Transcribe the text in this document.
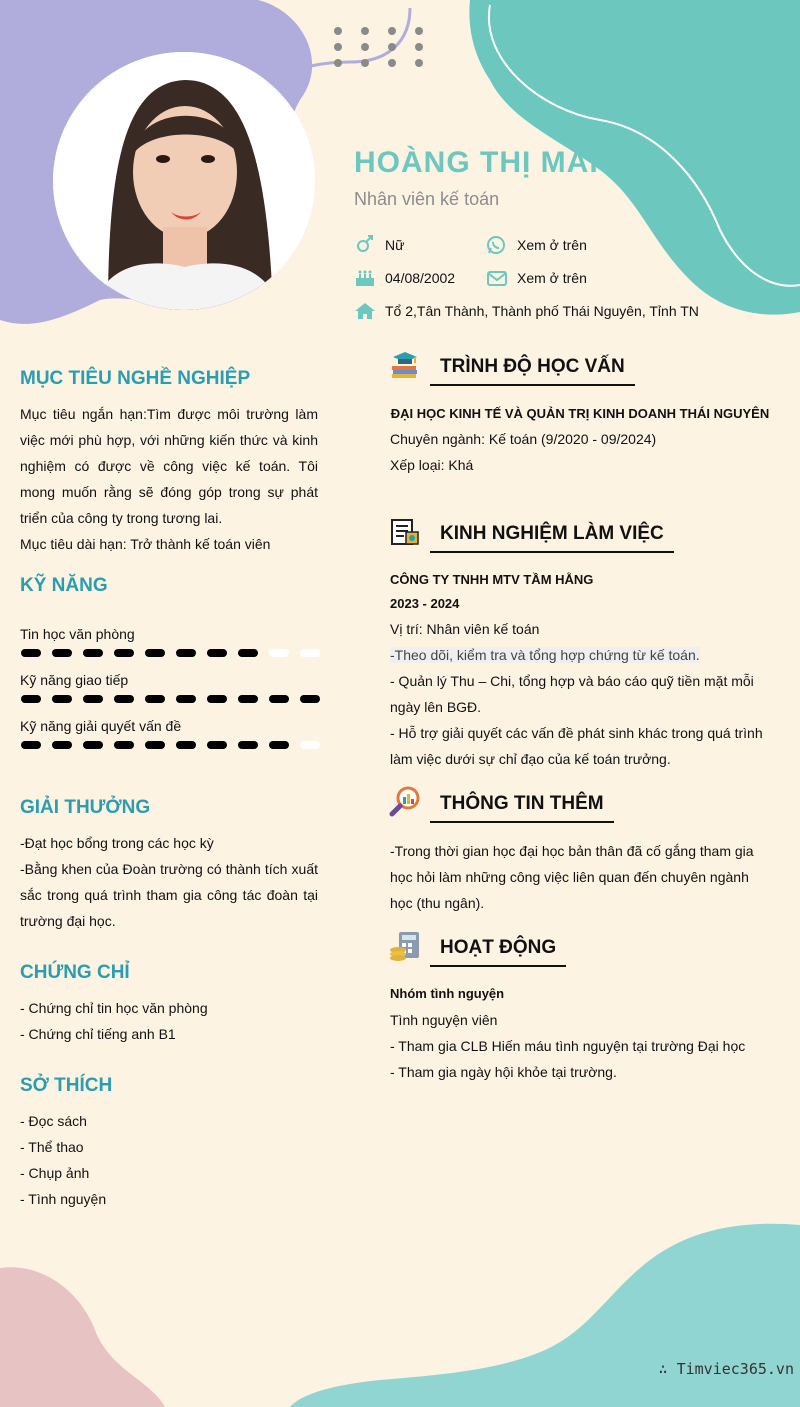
HOÀNG THỊ MAI
Nhân viên kế toán
Nữ	Xem ở trên
04/08/2002	Xem ở trên
Tổ 2,Tân Thành, Thành phố Thái Nguyên, Tỉnh TN
MỤC TIÊU NGHỀ NGHIỆP

Mục tiêu ngắn hạn:Tìm được môi trường làm việc mới phù hợp, với những kiến thức và kinh nghiệm có được về công việc kế toán. Tôi mong muốn rằng sẽ đóng góp trong sự phát triển của công ty trong tương lai.

Mục tiêu dài hạn: Trở thành kế toán viên

KỸ NĂNG
Tin học văn phòng
Kỹ năng giao tiếp
Kỹ năng giải quyết vấn đề
GIẢI THƯỞNG

-Đạt học bổng trong các học kỳ

-Bằng khen của Đoàn trường có thành tích xuất sắc trong quá trình tham gia công tác đoàn tại trường đại học.

CHỨNG CHỈ

- Chứng chỉ tin học văn phòng

- Chứng chỉ tiếng anh B1

SỞ THÍCH

- Đọc sách

- Thể thao

- Chụp ảnh

- Tình nguyện

TRÌNH ĐỘ HỌC VẤN

ĐẠI HỌC KINH TẾ VÀ QUẢN TRỊ KINH DOANH THÁI NGUYÊN

Chuyên ngành: Kế toán (9/2020 - 09/2024)

Xếp loại: Khá

KINH NGHIỆM LÀM VIỆC

CÔNG TY TNHH MTV TẦM HẰNG

2023 - 2024

Vị trí: Nhân viên kế toán

-Theo dõi, kiểm tra và tổng hợp chứng từ kế toán.

- Quản lý Thu – Chi, tổng hợp và báo cáo quỹ tiền mặt mỗi ngày lên BGĐ.

- Hỗ trợ giải quyết các vấn đề phát sinh khác trong quá trình làm việc dưới sự chỉ đạo của kế toán trưởng.

THÔNG TIN THÊM

-Trong thời gian học đại học bản thân đã cố gắng tham gia học hỏi làm những công việc liên quan đến chuyên ngành học (thu ngân).

HOẠT ĐỘNG

Nhóm tình nguyện

Tình nguyện viên

- Tham gia CLB Hiến máu tình nguyện tại trường Đại học

- Tham gia ngày hội khỏe tại trường.

∴ Timviec365.vn
